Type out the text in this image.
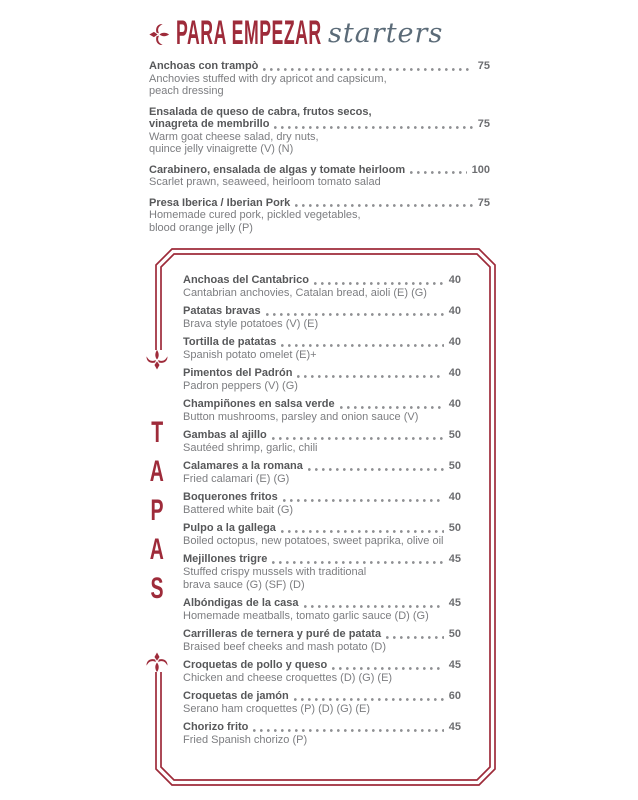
PARA EMPEZAR starters
Anchoas con trampò	75
Anchovies stuffed with dry apricot and capsicum,
peach dressing
Ensalada de queso de cabra, frutos secos,
vinagreta de membrillo	75
Warm goat cheese salad, dry nuts,
quince jelly vinaigrette (V) (N)
Carabinero, ensalada de algas y tomate heirloom	100
Scarlet prawn, seaweed, heirloom tomato salad
Presa Iberica / Iberian Pork	75
Homemade cured pork, pickled vegetables,
blood orange jelly (P)
T
A
P
A
S
Anchoas del Cantabrico	40
Cantabrian anchovies, Catalan bread, aioli (E) (G)
Patatas bravas	40
Brava style potatoes (V) (E)
Tortilla de patatas	40
Spanish potato omelet (E)+
Pimentos del Padrón	40
Padron peppers (V) (G)
Champiñones en salsa verde	40
Button mushrooms, parsley and onion sauce (V)
Gambas al ajillo	50
Sautéed shrimp, garlic, chili
Calamares a la romana	50
Fried calamari (E) (G)
Boquerones fritos	40
Battered white bait (G)
Pulpo a la gallega	50
Boiled octopus, new potatoes, sweet paprika, olive oil
Mejillones trigre	45
Stuffed crispy mussels with traditional
brava sauce (G) (SF) (D)
Albóndigas de la casa	45
Homemade meatballs, tomato garlic sauce (D) (G)
Carrilleras de ternera y puré de patata	50
Braised beef cheeks and mash potato (D)
Croquetas de pollo y queso	45
Chicken and cheese croquettes (D) (G) (E)
Croquetas de jamón	60
Serano ham croquettes (P) (D) (G) (E)
Chorizo frito	45
Fried Spanish chorizo (P)
